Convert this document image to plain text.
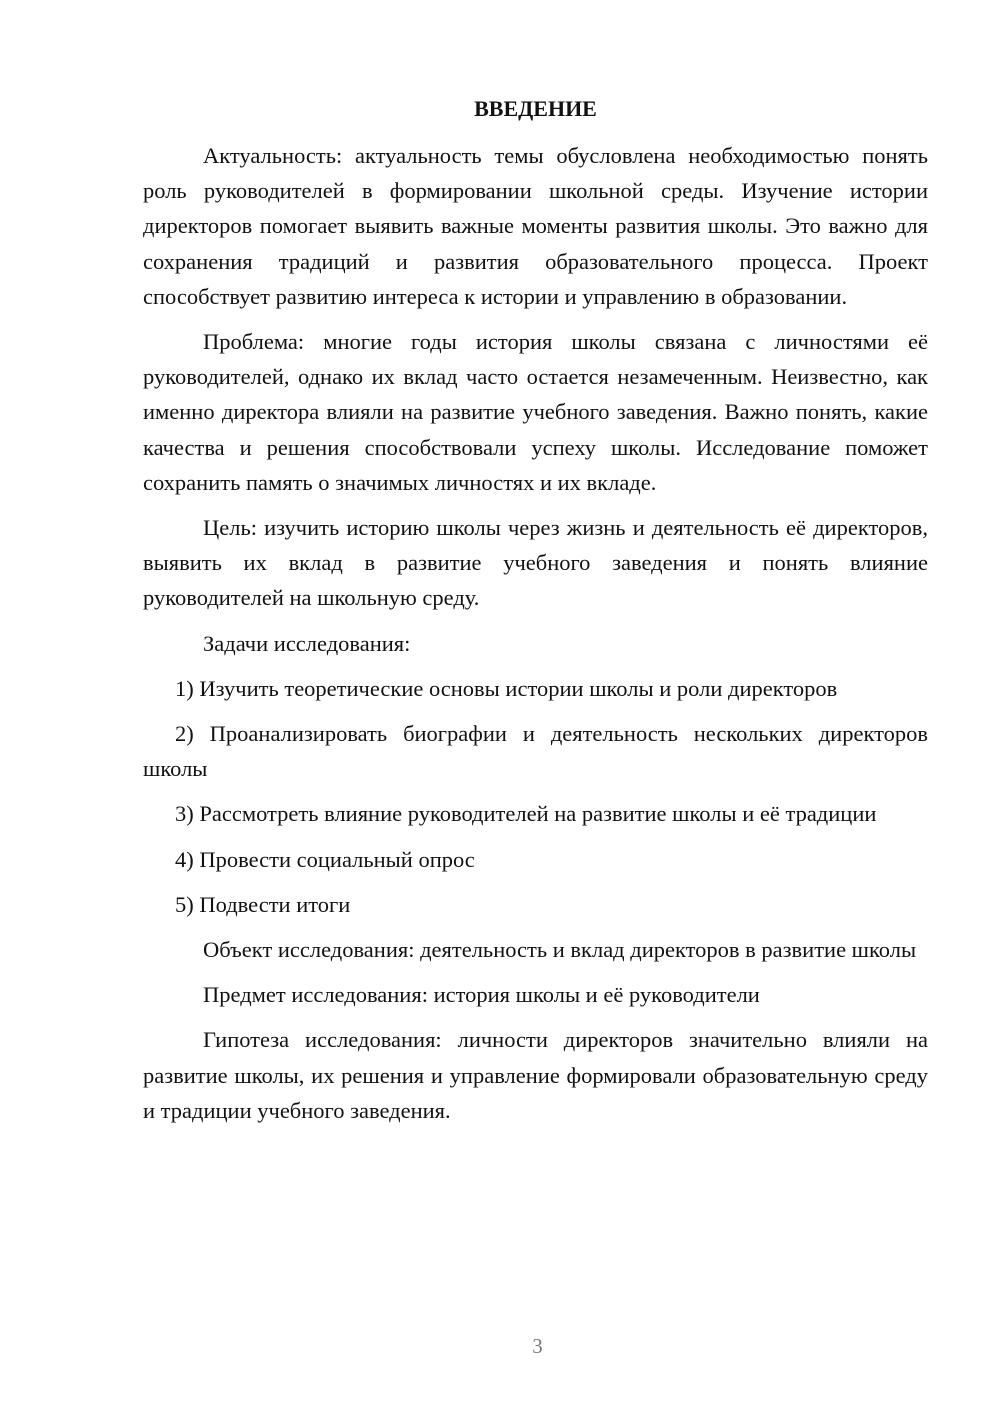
ВВЕДЕНИЕ

Актуальность: актуальность темы обусловлена необходимостью понять роль руководителей в формировании школьной среды. Изучение истории директоров помогает выявить важные моменты развития школы. Это важно для сохранения традиций и развития образовательного процесса. Проект способствует развитию интереса к истории и управлению в образовании.

Проблема: многие годы история школы связана с личностями её руководителей, однако их вклад часто остается незамеченным. Неизвестно, как именно директора влияли на развитие учебного заведения. Важно понять, какие качества и решения способствовали успеху школы. Исследование поможет сохранить память о значимых личностях и их вкладе.

Цель: изучить историю школы через жизнь и деятельность её директоров, выявить их вклад в развитие учебного заведения и понять влияние руководителей на школьную среду.

Задачи исследования:

1) Изучить теоретические основы истории школы и роли директоров

2) Проанализировать биографии и деятельность нескольких директоров школы

3) Рассмотреть влияние руководителей на развитие школы и её традиции

4) Провести социальный опрос

5) Подвести итоги

Объект исследования: деятельность и вклад директоров в развитие школы

Предмет исследования: история школы и её руководители

Гипотеза исследования: личности директоров значительно влияли на развитие школы, их решения и управление формировали образовательную среду и традиции учебного заведения.

3
